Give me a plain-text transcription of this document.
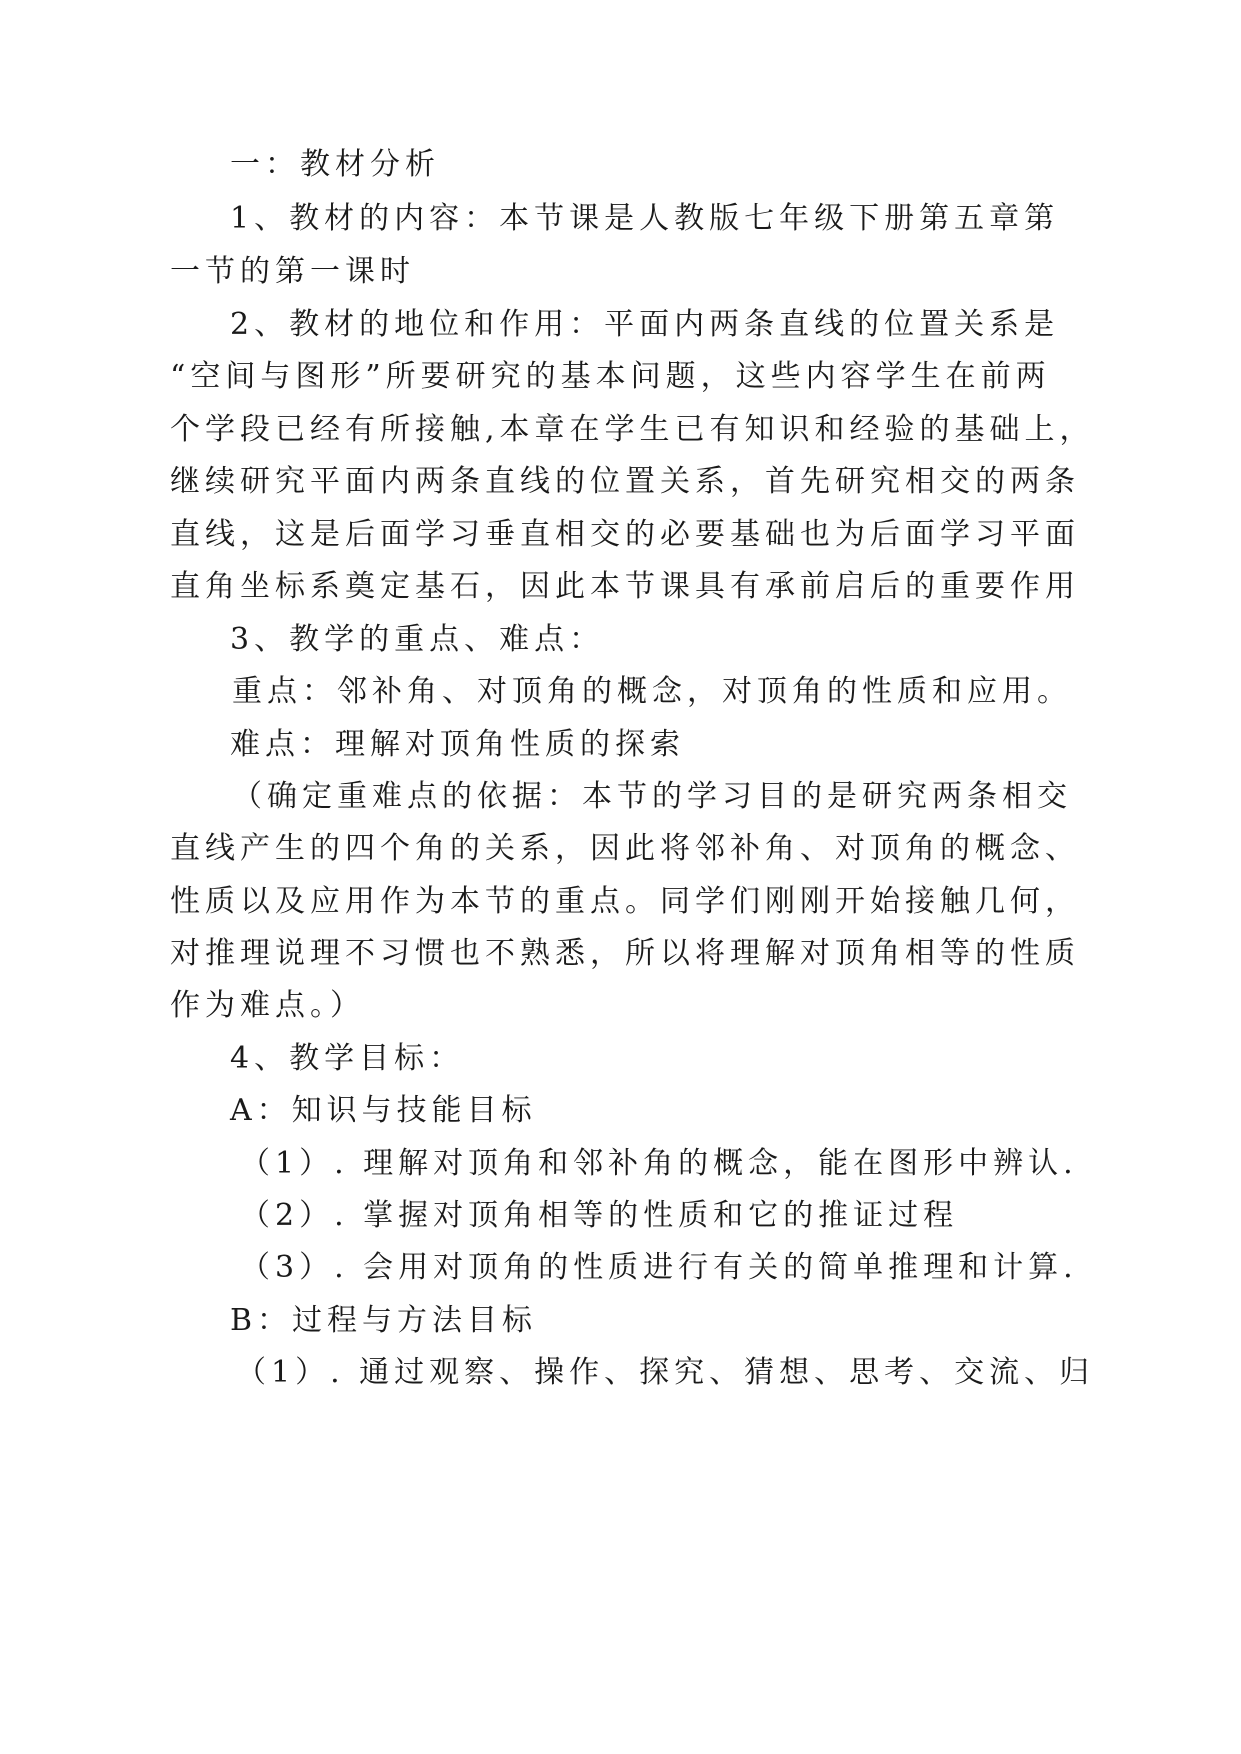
一：教材分析

1、教材的内容：本节课是人教版七年级下册第五章第

一节的第一课时

2、教材的地位和作用：平面内两条直线的位置关系是

“空间与图形”所要研究的基本问题，这些内容学生在前两

个学段已经有所接触,本章在学生已有知识和经验的基础上，

继续研究平面内两条直线的位置关系，首先研究相交的两条

直线，这是后面学习垂直相交的必要基础也为后面学习平面

直角坐标系奠定基石，因此本节课具有承前启后的重要作用

3、教学的重点、难点：

重点：邻补角、对顶角的概念，对顶角的性质和应用。

难点：理解对顶角性质的探索

（确定重难点的依据：本节的学习目的是研究两条相交

直线产生的四个角的关系，因此将邻补角、对顶角的概念、

性质以及应用作为本节的重点。同学们刚刚开始接触几何，

对推理说理不习惯也不熟悉，所以将理解对顶角相等的性质

作为难点。）

4、教学目标：

A：知识与技能目标

（1）. 理解对顶角和邻补角的概念，能在图形中辨认.

（2）. 掌握对顶角相等的性质和它的推证过程

（3）. 会用对顶角的性质进行有关的简单推理和计算.

B：过程与方法目标

（1）. 通过观察、操作、探究、猜想、思考、交流、归
